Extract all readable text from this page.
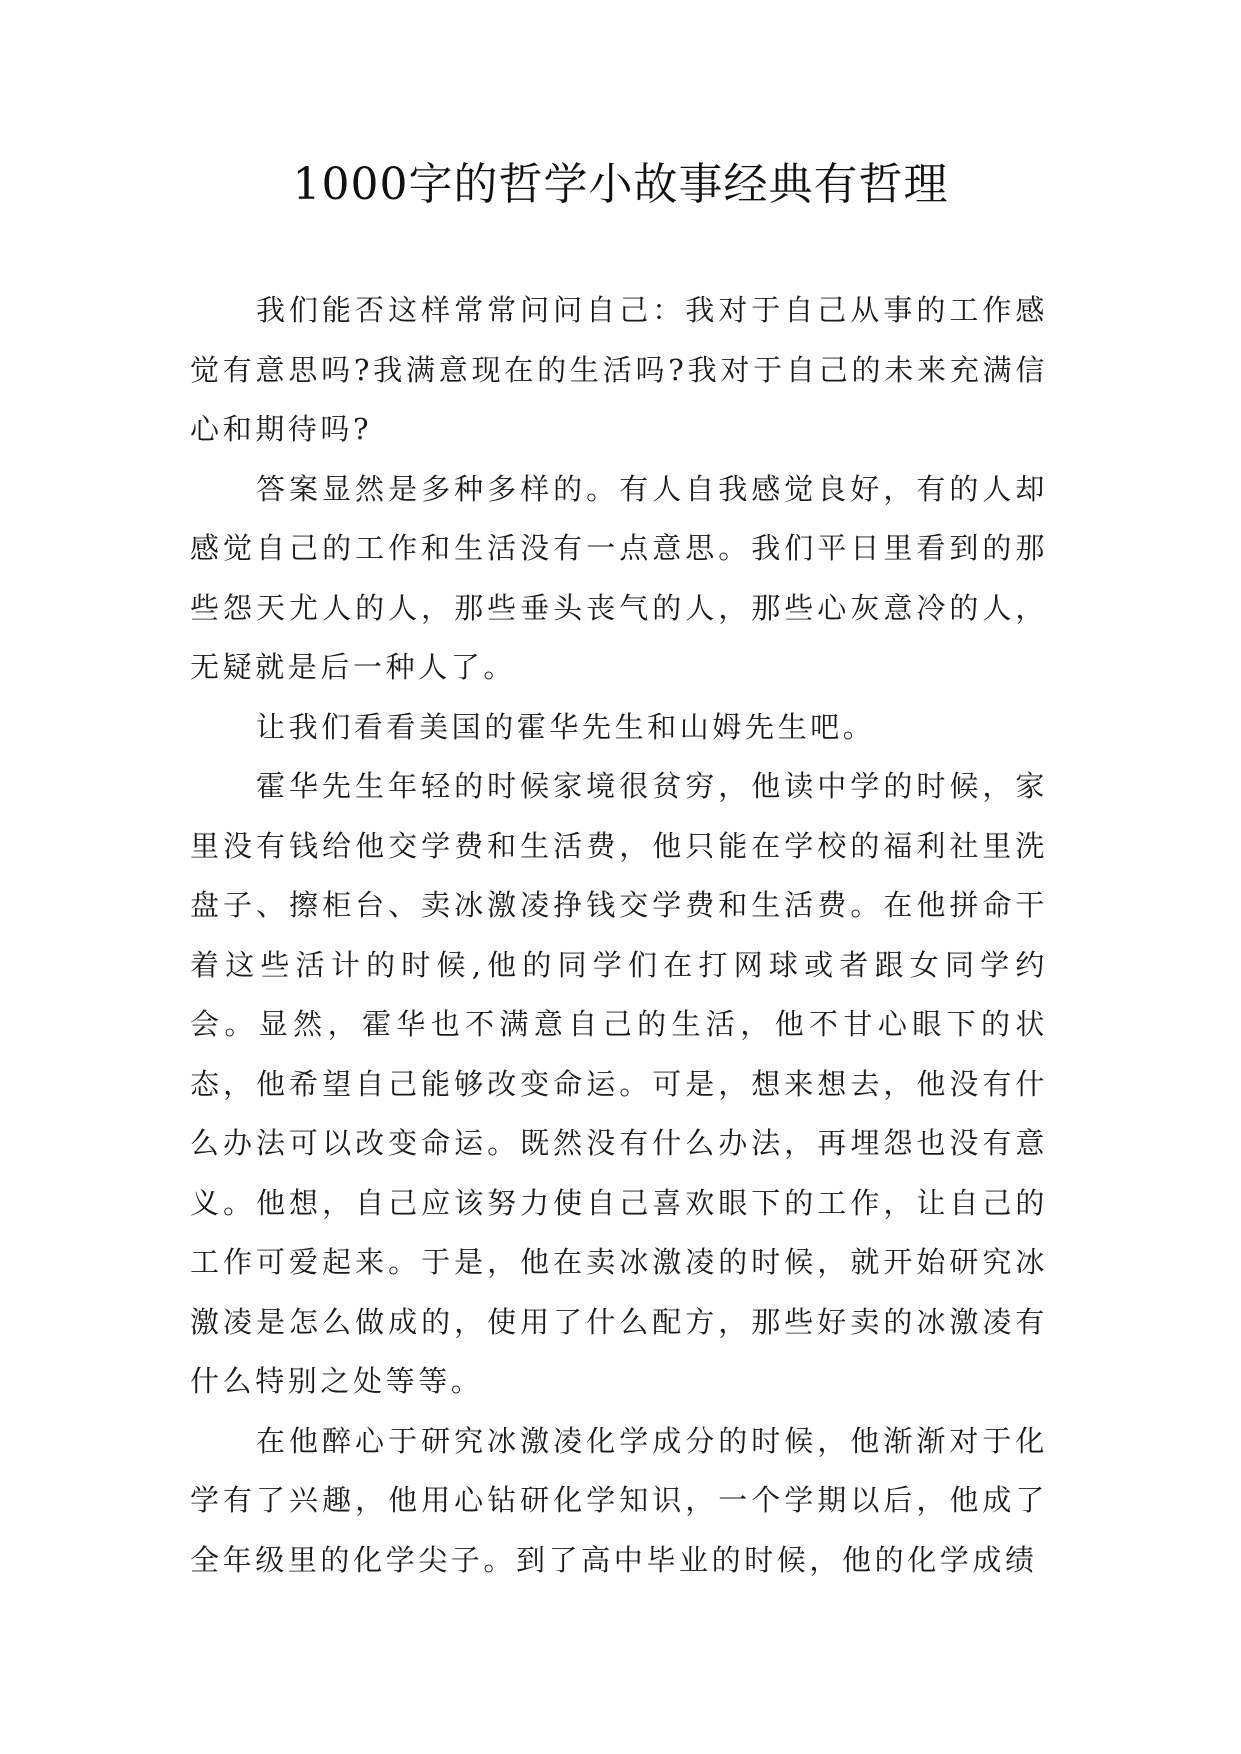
1000字的哲学小故事经典有哲理

我们能否这样常常问问自己：我对于自己从事的工作感觉有意思吗?我满意现在的生活吗?我对于自己的未来充满信心和期待吗?

答案显然是多种多样的。有人自我感觉良好，有的人却感觉自己的工作和生活没有一点意思。我们平日里看到的那些怨天尤人的人，那些垂头丧气的人，那些心灰意冷的人，无疑就是后一种人了。

让我们看看美国的霍华先生和山姆先生吧。

霍华先生年轻的时候家境很贫穷，他读中学的时候，家里没有钱给他交学费和生活费，他只能在学校的福利社里洗盘子、擦柜台、卖冰激凌挣钱交学费和生活费。在他拼命干着这些活计的时候,他的同学们在打网球或者跟女同学约会。显然，霍华也不满意自己的生活，他不甘心眼下的状态，他希望自己能够改变命运。可是，想来想去，他没有什么办法可以改变命运。既然没有什么办法，再埋怨也没有意义。他想，自己应该努力使自己喜欢眼下的工作，让自己的工作可爱起来。于是，他在卖冰激凌的时候，就开始研究冰激凌是怎么做成的，使用了什么配方，那些好卖的冰激凌有什么特别之处等等。

在他醉心于研究冰激凌化学成分的时候，他渐渐对于化学有了兴趣，他用心钻研化学知识，一个学期以后，他成了全年级里的化学尖子。到了高中毕业的时候，他的化学成绩
